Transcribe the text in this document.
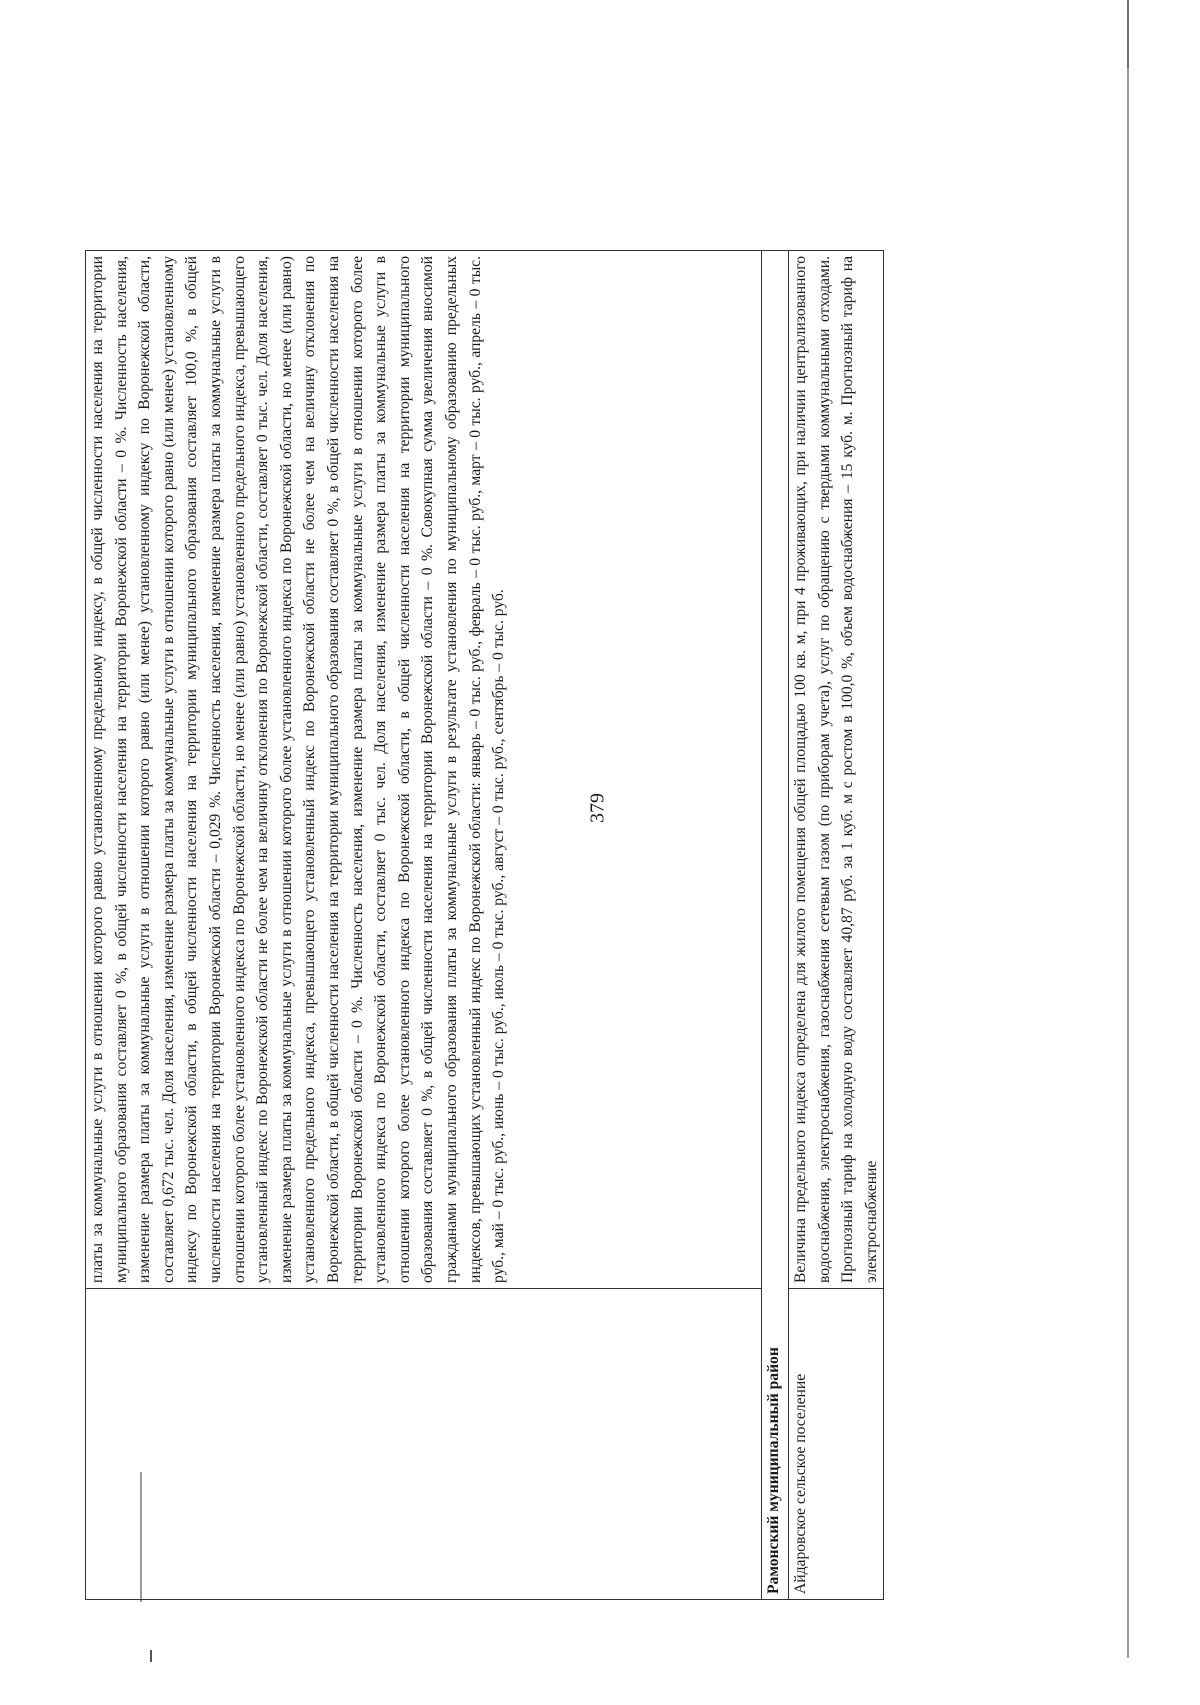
379
	платы за коммунальные услуги в отношении которого равно установленному предельному индексу, в общей численности населения на территории муниципального образования составляет 0 %, в общей численности населения на территории Воронежской области – 0 %. Численность населения, изменение размера платы за коммунальные услуги в отношении которого равно (или менее) установленному индексу по Воронежской области, составляет 0,672 тыс. чел. Доля населения, изменение размера платы за коммунальные услуги в отношении которого равно (или менее) установленному индексу по Воронежской области, в общей численности населения на территории муниципального образования составляет 100,0 %, в общей численности населения на территории Воронежской области – 0,029 %. Численность населения, изменение размера платы за коммунальные услуги в отношении которого более установленного индекса по Воронежской области, но менее (или равно) установленного предельного индекса, превышающего установленный индекс по Воронежской области не более чем на величину отклонения по Воронежской области, составляет 0 тыс. чел. Доля населения, изменение размера платы за коммунальные услуги в отношении которого более установленного индекса по Воронежской области, но менее (или равно) установленного предельного индекса, превышающего установленный индекс по Воронежской области не более чем на величину отклонения по Воронежской области, в общей численности населения на территории муниципального образования составляет 0 %, в общей численности населения на территории Воронежской области – 0 %. Численность населения, изменение размера платы за коммунальные услуги в отношении которого более установленного индекса по Воронежской области, составляет 0 тыс. чел. Доля населения, изменение размера платы за коммунальные услуги в отношении которого более установленного индекса по Воронежской области, в общей численности населения на территории муниципального образования составляет 0 %, в общей численности населения на территории Воронежской области – 0 %. Совокупная сумма увеличения вносимой гражданами муниципального образования платы за коммунальные услуги в результате установления по муниципальному образованию предельных индексов, превышающих установленный индекс по Воронежской области: январь – 0 тыс. руб., февраль – 0 тыс. руб., март – 0 тыс. руб., апрель – 0 тыс. руб., май – 0 тыс. руб., июнь – 0 тыс. руб., июль – 0 тыс. руб., август – 0 тыс. руб., сентябрь – 0 тыс. руб.
Рамонский муниципальный район	
Айдаровское сельское поселение	Величина предельного индекса определена для жилого помещения общей площадью 100 кв. м, при 4 проживающих, при наличии централизованного водоснабжения, электроснабжения, газоснабжения сетевым газом (по приборам учета), услуг по обращению с твердыми коммунальными отходами. Прогнозный тариф на холодную воду составляет 40,87 руб. за 1 куб. м с ростом в 100,0 %, объем водоснабжения – 15 куб. м. Прогнозный тариф на электроснабжение
